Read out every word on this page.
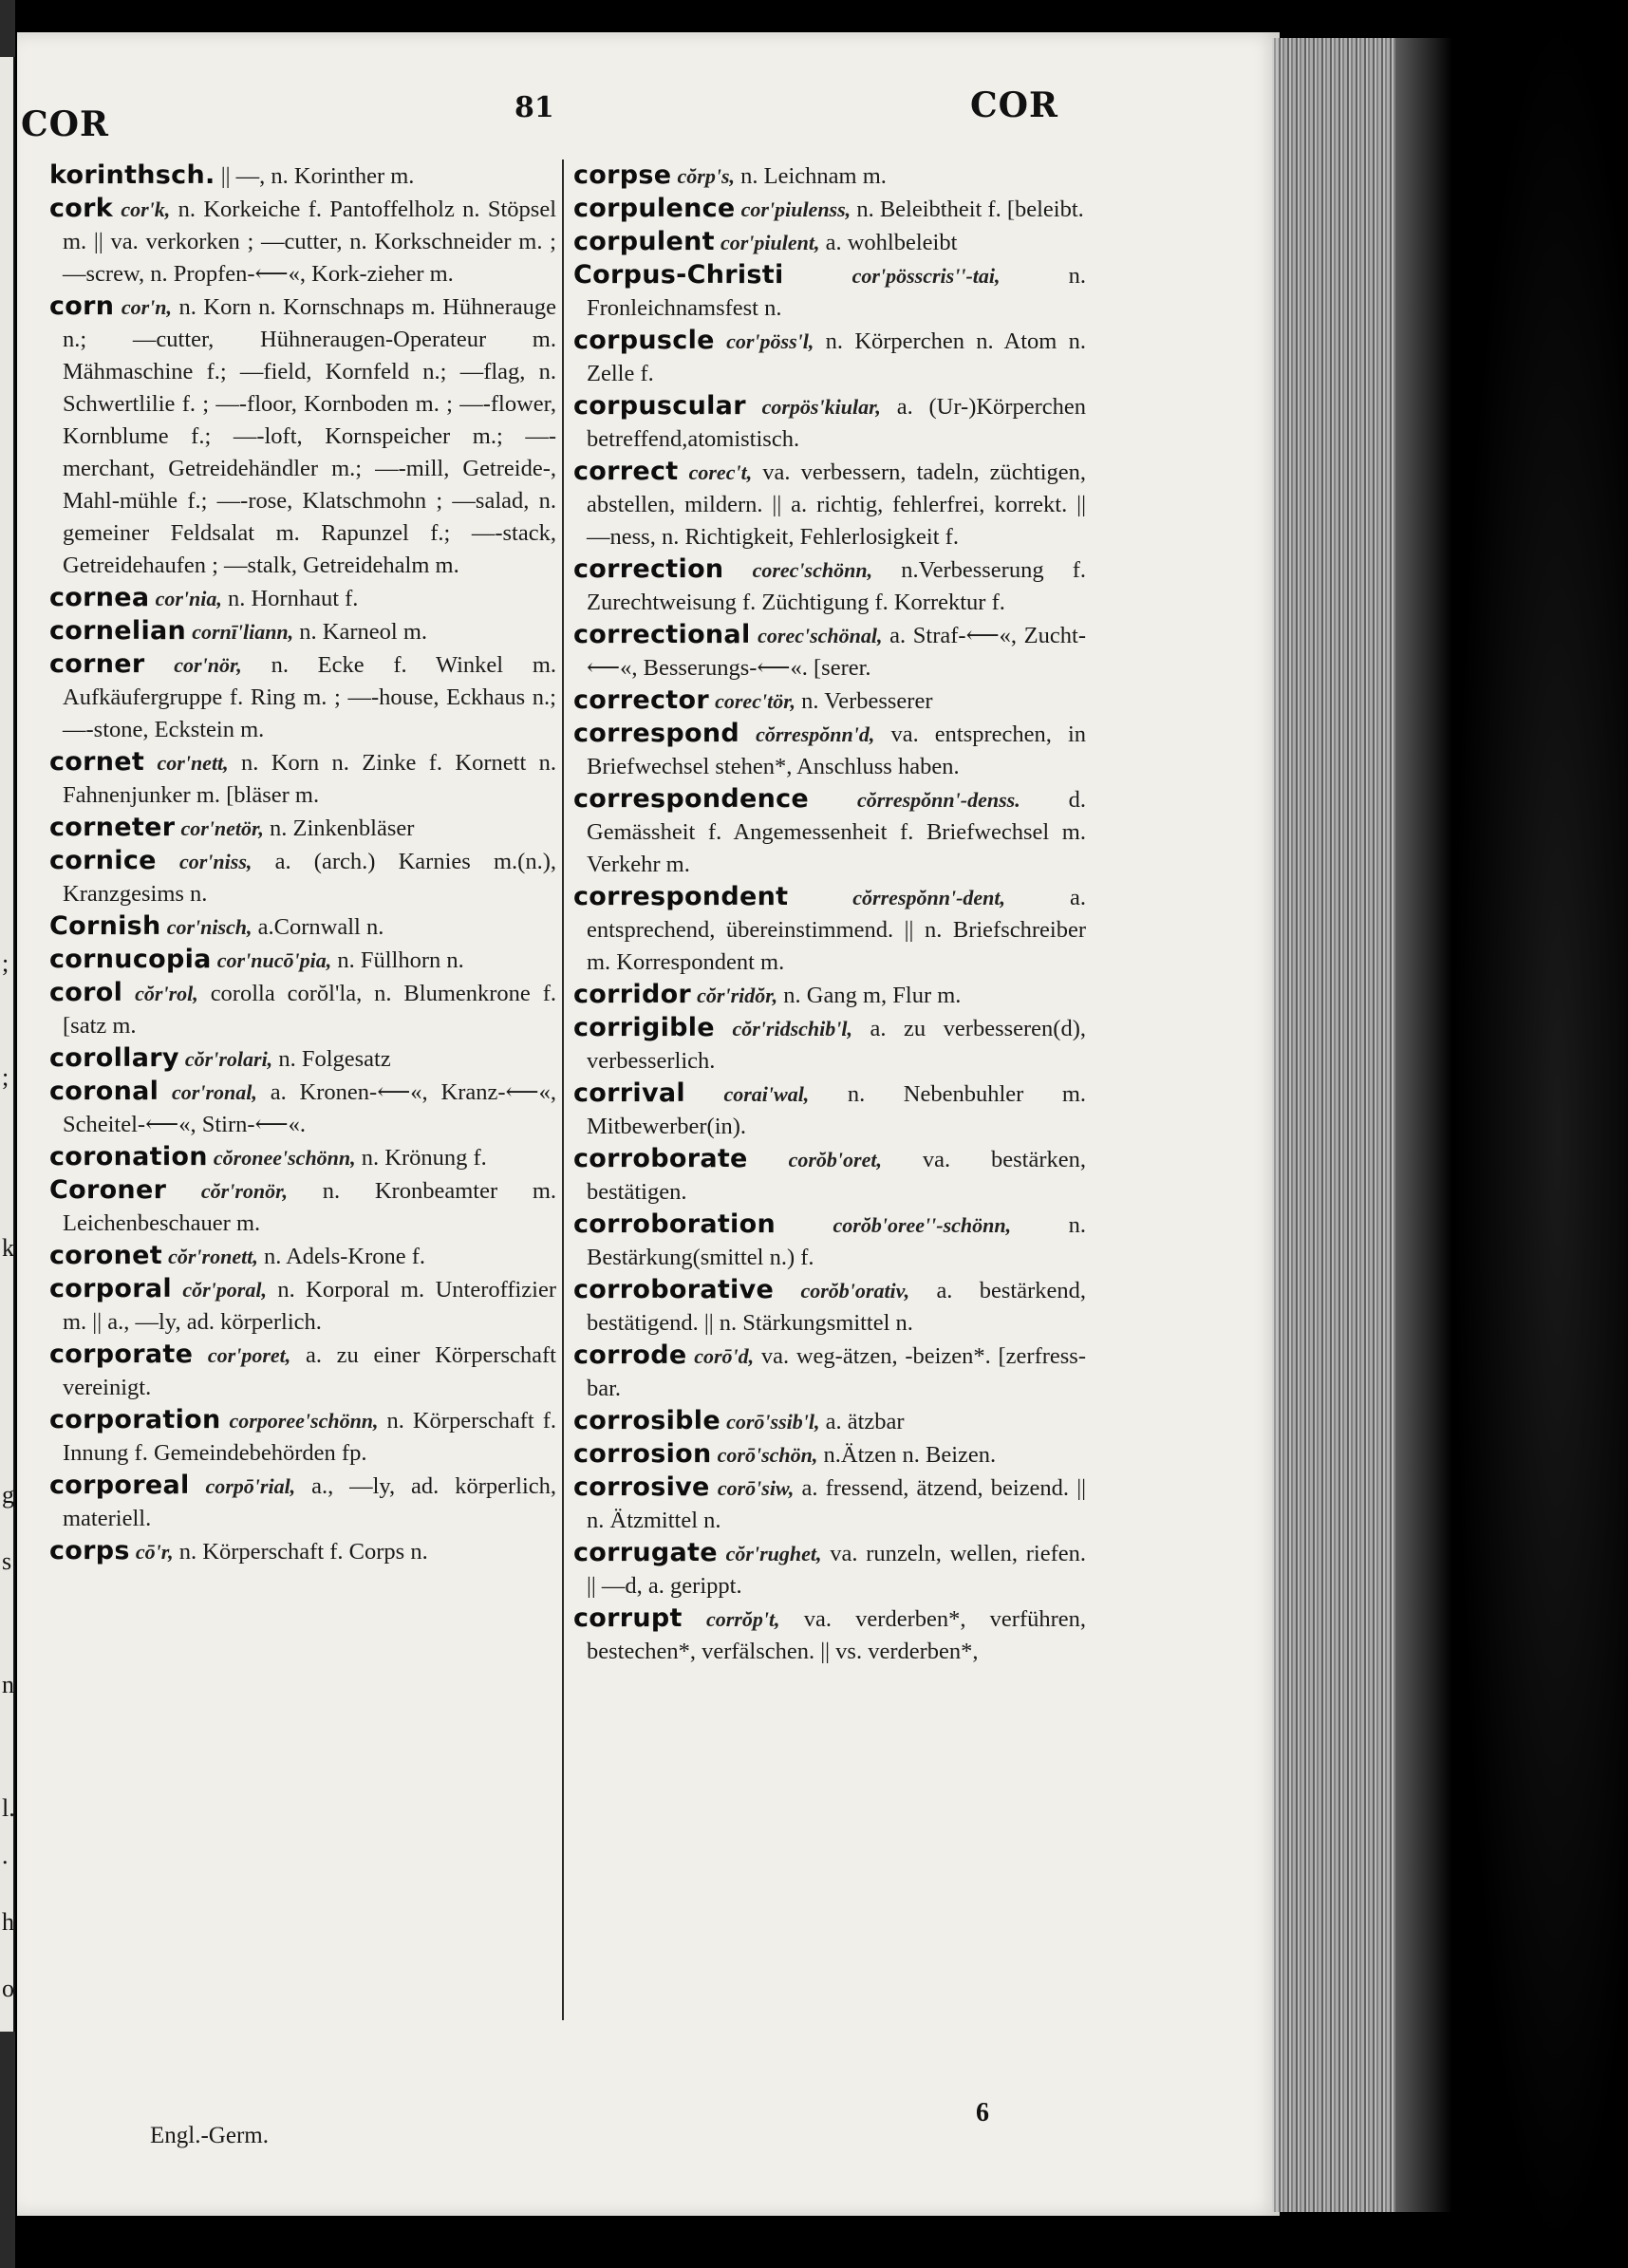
;
;
k
g
s
n
l.
.
h
o
COR	81	COR

korinthsch. || —, n. Korinther m.

cork cor'k, n. Korkeiche f. Pantoffelholz n. Stöpsel m. || va. verkorken ; —cutter, n. Korkschneider m. ; —screw, n. Propfen-⟵«, Kork-zieher m.

corn cor'n, n. Korn n. Kornschnaps m. Hühnerauge n.; —cutter, Hühneraugen-Operateur m. Mähmaschine f.; —field, Kornfeld n.; —flag, n. Schwertlilie f. ; —-floor, Kornboden m. ; —-flower, Kornblume f.; —-loft, Kornspeicher m.; —-merchant, Getreidehändler m.; —-mill, Getreide-, Mahl-mühle f.; —-rose, Klatschmohn ; —salad, n. gemeiner Feldsalat m. Rapunzel f.; —-stack, Getreidehaufen ; —stalk, Getreidehalm m.

cornea cor'nia, n. Hornhaut f.

cornelian cornī'liann, n. Karneol m.

corner cor'nör, n. Ecke f. Winkel m. Aufkäufergruppe f. Ring m. ; —-house, Eckhaus n.; —-stone, Eckstein m.

cornet cor'nett, n. Korn n. Zinke f. Kornett n. Fahnenjunker m. [bläser m.

corneter cor'netör, n. Zinkenbläser

cornice cor'niss, a. (arch.) Karnies m.(n.), Kranzgesims n.

Cornish cor'nisch, a.Cornwall n.

cornucopia cor'nucō'pia, n. Füllhorn n.

corol cŏr'rol, corolla corŏl'la, n. Blumenkrone f. [satz m.

corollary cŏr'rolari, n. Folgesatz

coronal cor'ronal, a. Kronen-⟵«, Kranz-⟵«, Scheitel-⟵«, Stirn-⟵«.

coronation cŏronee'schönn, n. Krönung f.

Coroner cŏr'ronör, n. Kronbeamter m. Leichenbeschauer m.

coronet cŏr'ronett, n. Adels-Krone f.

corporal cŏr'poral, n. Korporal m. Unteroffizier m. || a., —ly, ad. körperlich.

corporate cor'poret, a. zu einer Körperschaft vereinigt.

corporation corporee'schönn, n. Körperschaft f. Innung f. Gemeindebehörden fp.

corporeal corpō'rial, a., —ly, ad. körperlich, materiell.

corps cō'r, n. Körperschaft f. Corps n.

corpse cŏrp's, n. Leichnam m.

corpulence cor'piulenss, n. Beleibtheit f. [beleibt.

corpulent cor'piulent, a. wohlbeleibt

Corpus-Christi	cor'pösscris''-tai,	n. Fronleichnamsfest n.

corpuscle cor'pöss'l, n. Körperchen n. Atom n. Zelle f.

corpuscular corpös'kiular, a. (Ur-)Körperchen betreffend,atomistisch.

correct corec't, va. verbessern, tadeln, züchtigen, abstellen, mildern. || a. richtig, fehlerfrei, korrekt. || —ness, n. Richtigkeit, Fehlerlosigkeit f.

correction corec'schönn, n.Verbesserung f. Zurechtweisung f. Züchtigung f. Korrektur f.

correctional corec'schönal, a. Straf-⟵«, Zucht-⟵«, Besserungs-⟵«. [serer.

corrector corec'tör, n. Verbesserer

correspond cŏrrespŏnn'd, va. entsprechen, in Briefwechsel stehen*, Anschluss haben.

correspondence cŏrrespŏnn'-denss. d. Gemässheit f. Angemessenheit f. Briefwechsel m. Verkehr m.

correspondent	cŏrrespŏnn'-dent,	a. entsprechend, übereinstimmend. || n. Briefschreiber m. Korrespondent m.

corridor cŏr'ridŏr, n. Gang m, Flur m.

corrigible cŏr'ridschib'l, a. zu verbesseren(d), verbesserlich.

corrival corai'wal, n. Nebenbuhler m. Mitbewerber(in).

corroborate corŏb'oret, va. bestärken, bestätigen.

corroboration	corŏb'oree''-schönn, n. Bestärkung(smittel n.) f.

corroborative corŏb'orativ, a. bestärkend, bestätigend. || n. Stärkungsmittel n.

corrode corō'd, va. weg-ätzen, -beizen*. [zerfress-bar.

corrosible corō'ssib'l, a. ätzbar

corrosion corō'schön, n.Ätzen n. Beizen.

corrosive corō'siw, a. fressend, ätzend, beizend. || n. Ätzmittel n.

corrugate cŏr'rughet, va. runzeln, wellen, riefen. || —d, a. gerippt.

corrupt corrŏp't, va. verderben*, verführen, bestechen*, verfälschen. || vs. verderben*,

Engl.-Germ.
6
